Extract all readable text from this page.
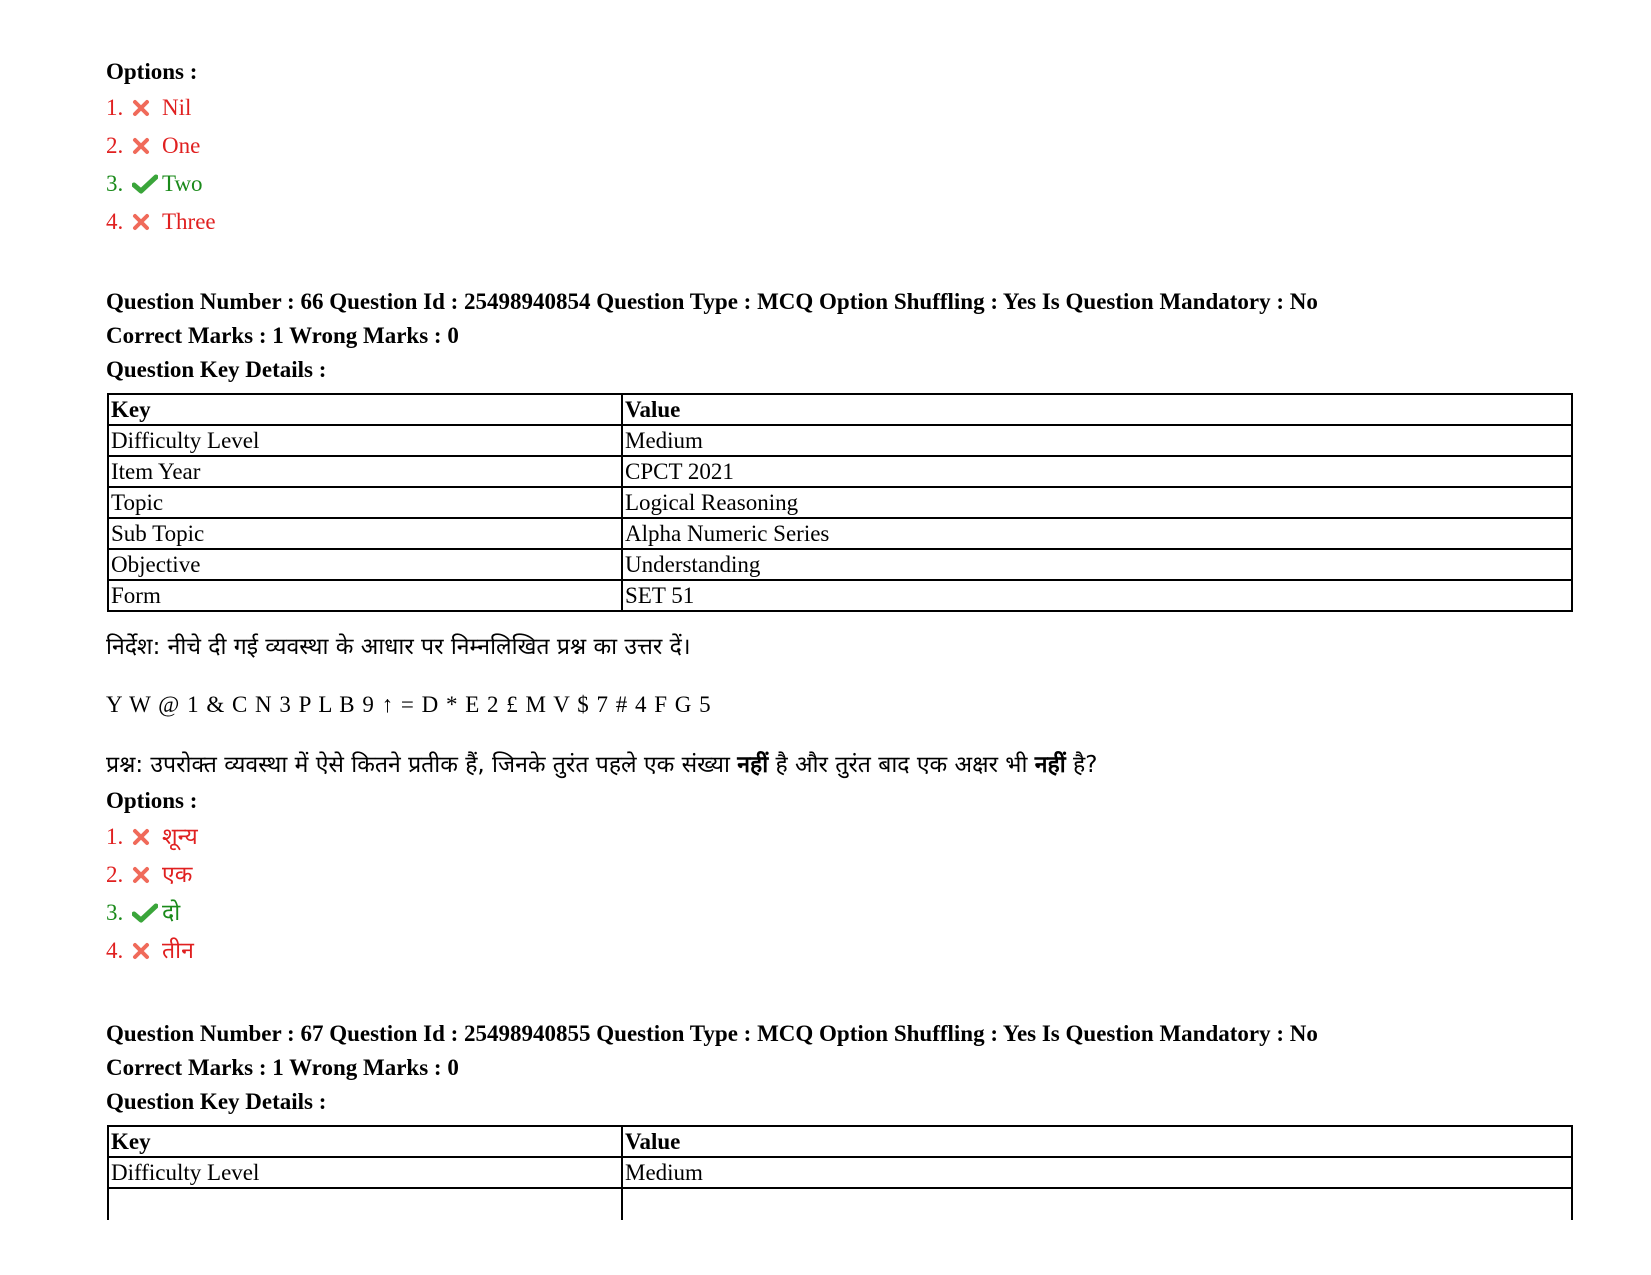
Options :
1.	Nil
2.	One
3.	Two
4.	Three
Question Number : 66 Question Id : 25498940854 Question Type : MCQ Option Shuffling : Yes Is Question Mandatory : No
Correct Marks : 1 Wrong Marks : 0
Question Key Details :
Key	Value
Difficulty Level	Medium
Item Year	CPCT 2021
Topic	Logical Reasoning
Sub Topic	Alpha Numeric Series
Objective	Understanding
Form	SET 51
निर्देश: नीचे दी गई व्यवस्था के आधार पर निम्नलिखित प्रश्न का उत्तर दें।
Y W @ 1 & C N 3 P L B 9 ↑ = D * E 2 £ M V $ 7 # 4 F G 5
प्रश्न: उपरोक्त व्यवस्था में ऐसे कितने प्रतीक हैं, जिनके तुरंत पहले एक संख्या नहीं है और तुरंत बाद एक अक्षर भी नहीं है?
Options :
1.	शून्य
2.	एक
3.	दो
4.	तीन
Question Number : 67 Question Id : 25498940855 Question Type : MCQ Option Shuffling : Yes Is Question Mandatory : No
Correct Marks : 1 Wrong Marks : 0
Question Key Details :
Key	Value
Difficulty Level	Medium
